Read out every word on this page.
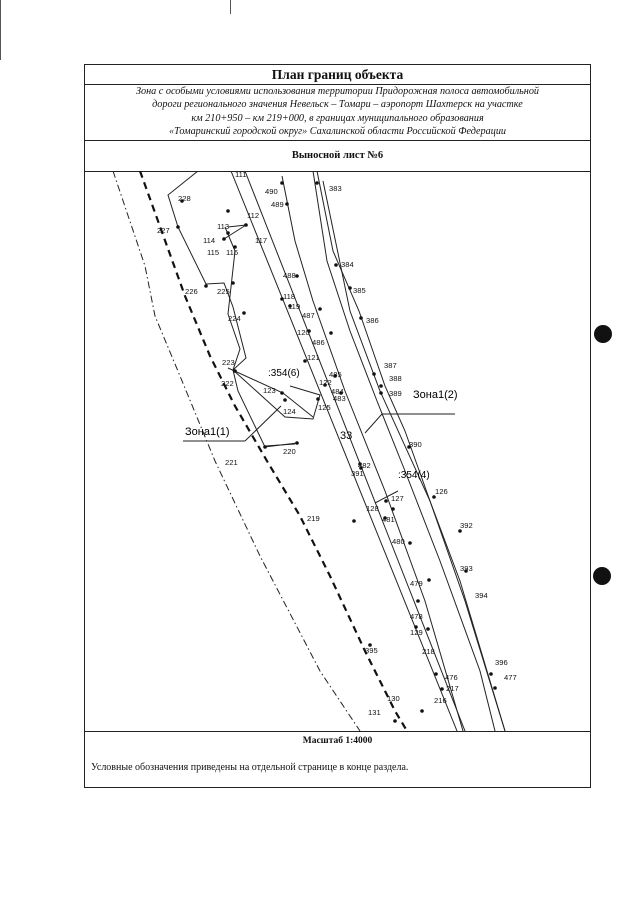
План границ объекта
Зона с особыми условиями использования территории Придорожная полоса автомобильной
дороги регионального значения Невельск – Томари – аэропорт Шахтерск на участке
км 210+950 – км 219+000, в границах муниципального образования
«Томаринский городской округ» Сахалинской области Российской Федерации
Выносной лист №6
111
490	383
228
489
112
227	113
114	117
115 116
384
488
385
226	225
118
119
487
224	386
120
486
121
223	387
485	388
222	122
484	389
123
483
125
124
390
220
221	482
126
391
127
128
481
219
392
480
393
479
394
478
129
218
395
396
477
476
217
130	216
131
Зона1(1)
Зона1(2)
:354(6)
:354(4)
33
Масштаб 1:4000
Условные обозначения приведены на отдельной странице в конце раздела.
